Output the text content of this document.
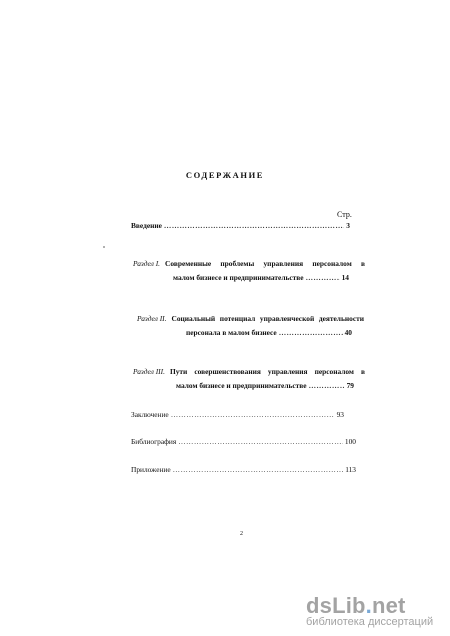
СОДЕРЖАНИЕ
Стр.
Введение ……………………………………………………………………………………………………………………………………	3
Раздел I. Современные проблемы управления персоналом в
малом бизнесе и предпринимательстве ……………………………………………………………………………………………………………………………………	14
Раздел II. Социальный потенциал управленческой деятельности
персонала в малом бизнесе ……………………………………………………………………………………………………………………………………	40
Раздел III. Пути совершенствования управления персоналом в
малом бизнесе и предпринимательстве ……………………………………………………………………………………………………………………………………	79
Заключение ……………………………………………………………………………………………………………………………………	93
Библиография ……………………………………………………………………………………………………………………………………	100
Приложение ……………………………………………………………………………………………………………………………………	113
2
dsLib.net
библиотека диссертаций
